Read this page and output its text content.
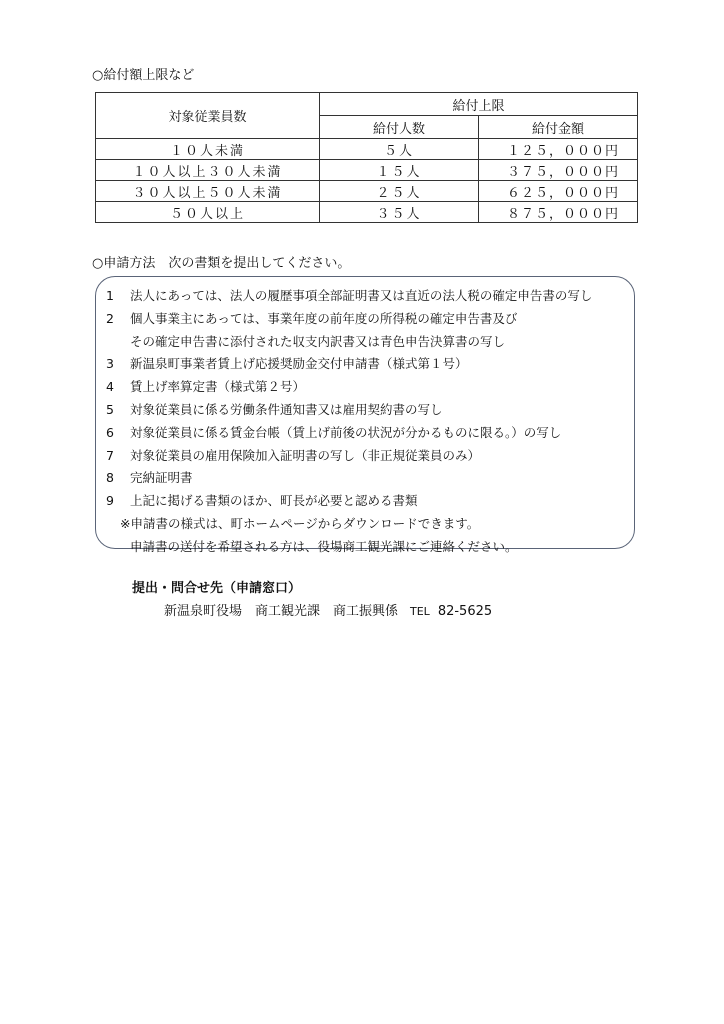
○給付額上限など
対象従業員数	給付上限	
	給付人数	給付金額
１０人未満	５人	１２５，０００円
１０人以上３０人未満	１５人	３７５，０００円
３０人以上５０人未満	２５人	６２５，０００円
５０人以上	３５人	８７５，０００円
○申請方法　次の書類を提出してください。
1	法人にあっては、法人の履歴事項全部証明書又は直近の法人税の確定申告書の写し
2	個人事業主にあっては、事業年度の前年度の所得税の確定申告書及び
その確定申告書に添付された収支内訳書又は青色申告決算書の写し
3	新温泉町事業者賃上げ応援奨励金交付申請書（様式第１号）
4	賃上げ率算定書（様式第２号）
5	対象従業員に係る労働条件通知書又は雇用契約書の写し
6	対象従業員に係る賃金台帳（賃上げ前後の状況が分かるものに限る。）の写し
7	対象従業員の雇用保険加入証明書の写し（非正規従業員のみ）
8	完納証明書
9	上記に掲げる書類のほか、町長が必要と認める書類
※申請書の様式は、町ホームページからダウンロードできます。
申請書の送付を希望される方は、役場商工観光課にご連絡ください。
提出・問合せ先（申請窓口）
新温泉町役場　商工観光課　商工振興係 TEL 82-5625
